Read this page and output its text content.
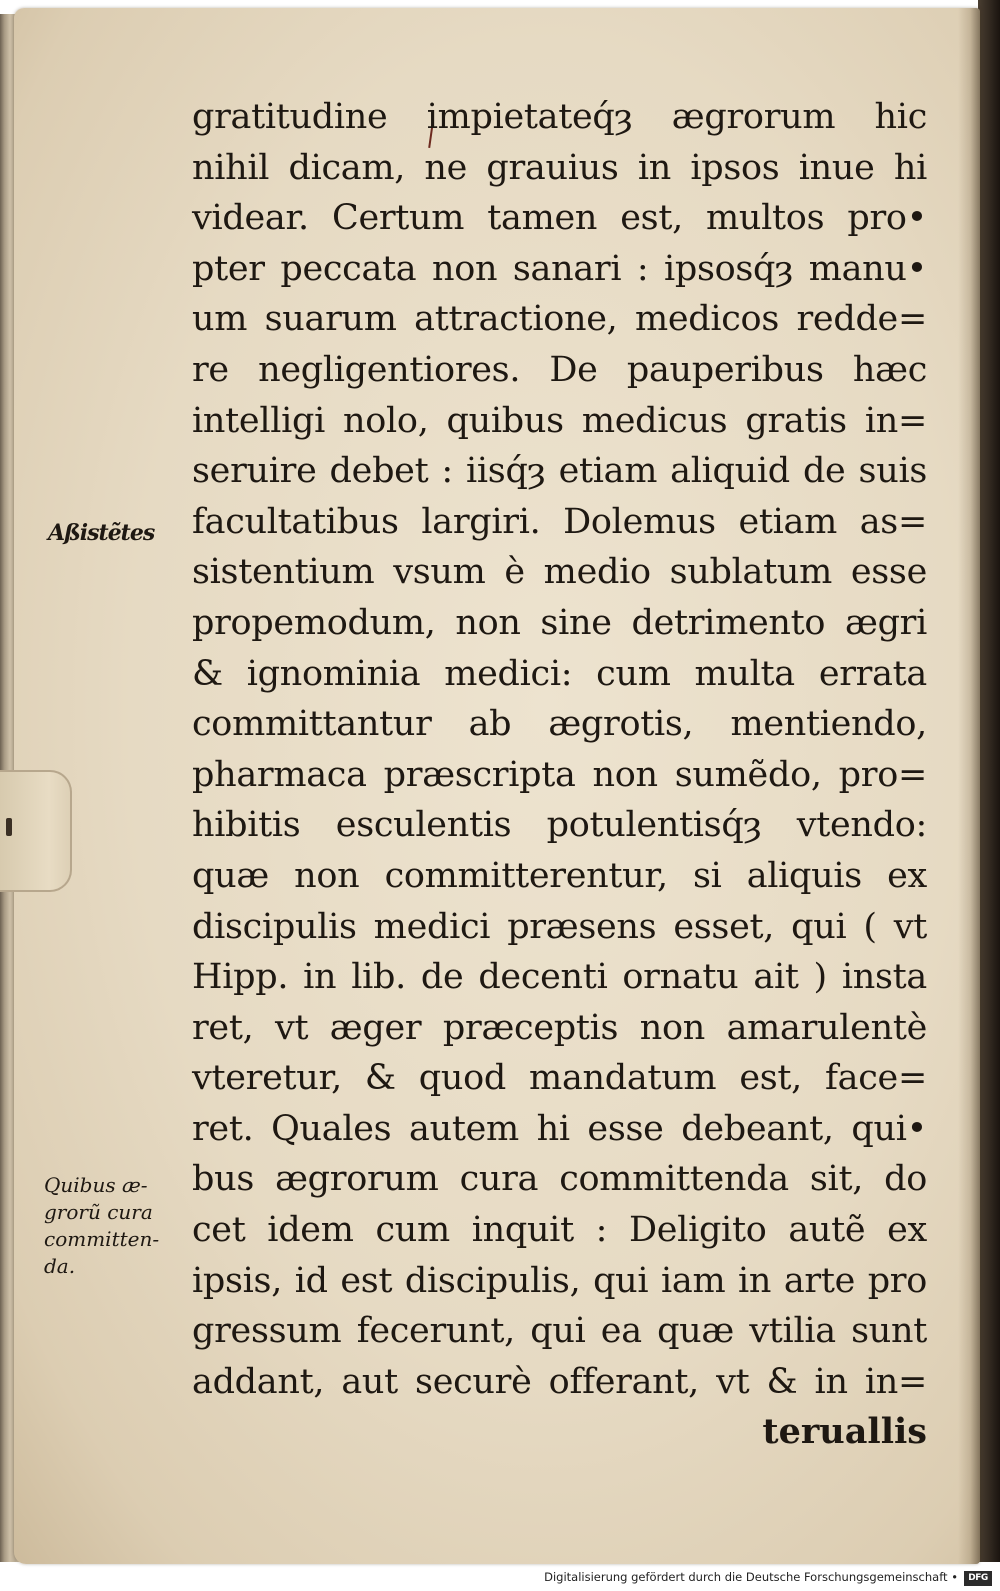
Aßistẽtes
Quibus æ-
grorũ cura
committen-
da.
gratitudine impietateq́ȝ ægrorum hic
nihil dicam, ne grauius in ipsos inue hi
videar. Certum tamen est, multos pro•
pter peccata non sanari : ipsosq́ȝ manu•
um suarum attractione, medicos redde=
re negligentiores. De pauperibus hæc
intelligi nolo, quibus medicus gratis in=
seruire debet : iisq́ȝ etiam aliquid de suis
facultatibus largiri. Dolemus etiam as=
sistentium vsum è medio sublatum esse
propemodum, non sine detrimento ægri
& ignominia medici: cum multa errata
committantur ab ægrotis, mentiendo,
pharmaca præscripta non sumẽdo, pro=
hibitis esculentis potulentisq́ȝ vtendo:
quæ non committerentur, si aliquis ex
discipulis medici præsens esset, qui ( vt
Hipp. in lib. de decenti ornatu ait ) insta
ret, vt æger præceptis non amarulentè
vteretur, & quod mandatum est, face=
ret. Quales autem hi esse debeant, qui•
bus ægrorum cura committenda sit, do
cet idem cum inquit : Deligito autẽ ex
ipsis, id est discipulis, qui iam in arte pro
gressum fecerunt, qui ea quæ vtilia sunt
addant, aut securè offerant, vt & in in=
teruallis
Digitalisierung gefördert durch die Deutsche Forschungsgemeinschaft •	DFG
